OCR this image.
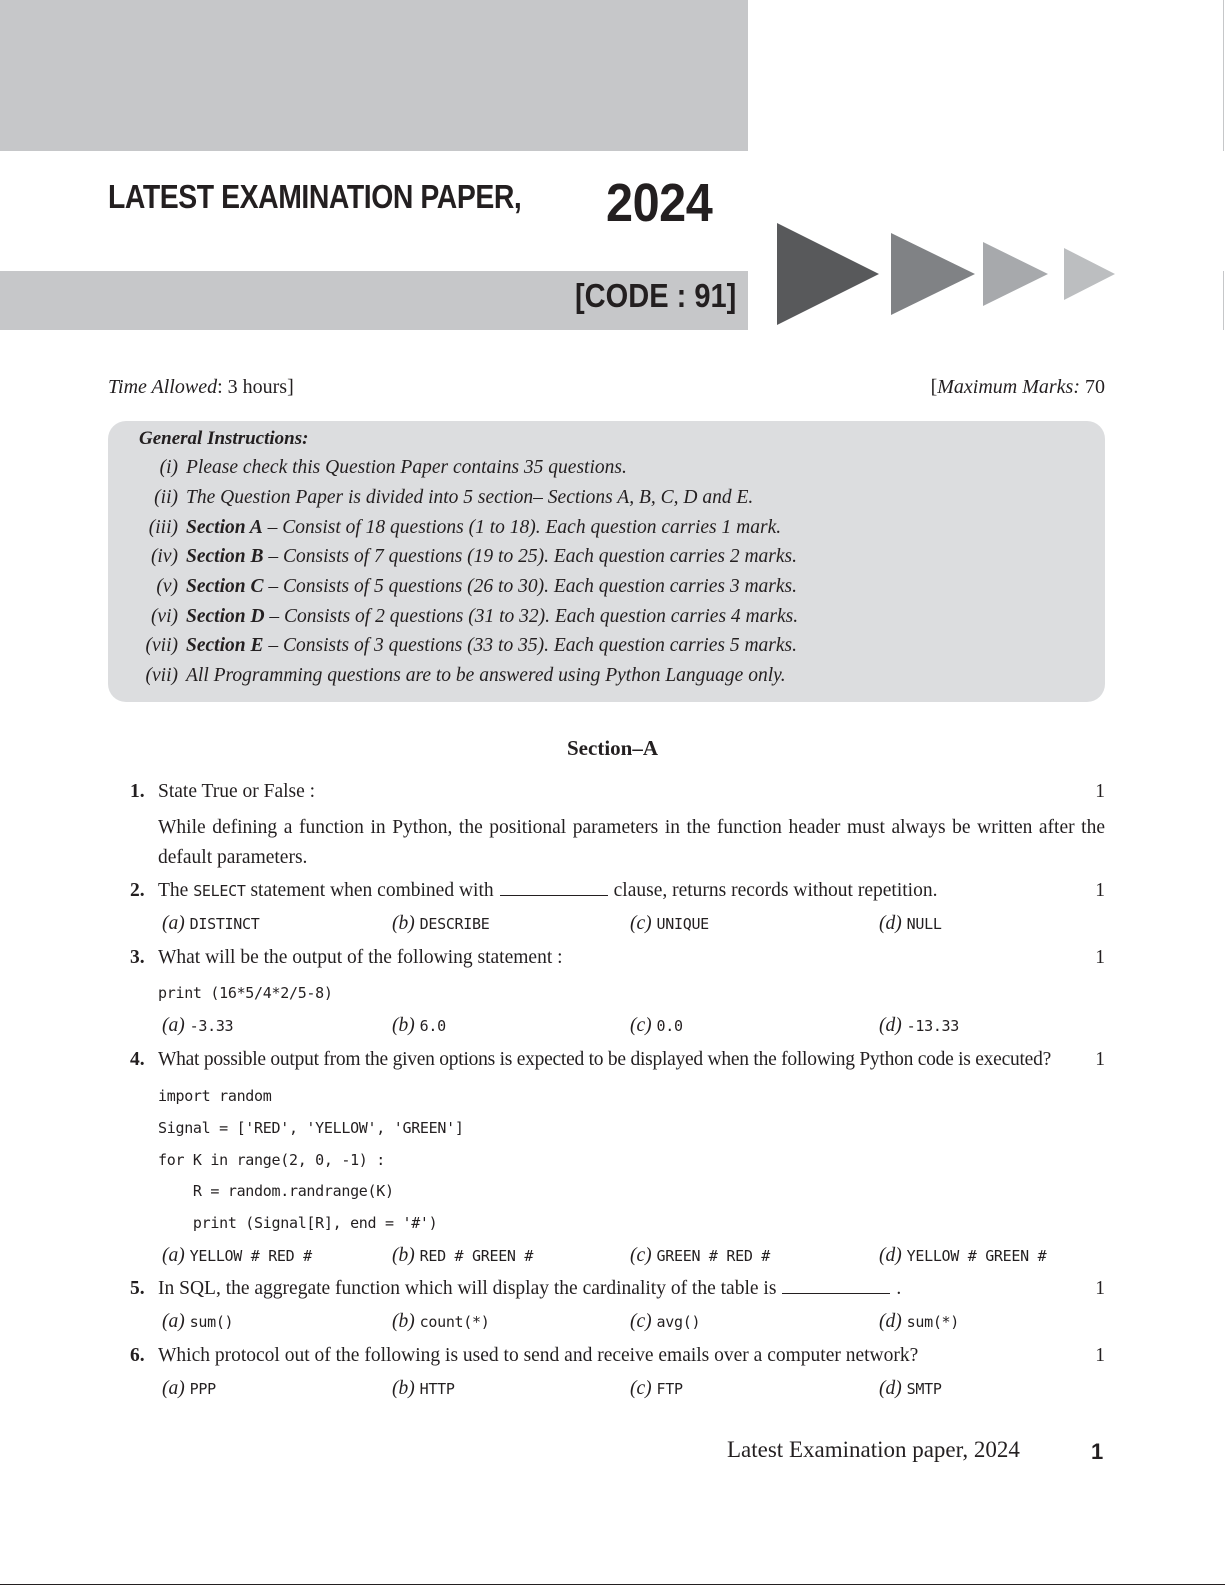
LATEST EXAMINATION PAPER, 2024
[CODE : 91]
Time Allowed: 3 hours]	[Maximum Marks: 70
General Instructions:
(i) Please check this Question Paper contains 35 questions.
(ii) The Question Paper is divided into 5 section– Sections A, B, C, D and E.
(iii) Section A – Consist of 18 questions (1 to 18). Each question carries 1 mark.
(iv) Section B – Consists of 7 questions (19 to 25). Each question carries 2 marks.
(v) Section C – Consists of 5 questions (26 to 30). Each question carries 3 marks.
(vi) Section D – Consists of 2 questions (31 to 32). Each question carries 4 marks.
(vii) Section E – Consists of 3 questions (33 to 35). Each question carries 5 marks.
(vii) All Programming questions are to be answered using Python Language only.
Section–A
1. State True or False :	1
While defining a function in Python, the positional parameters in the function header must always be written after the default parameters.
2. The SELECT statement when combined with	clause, returns records without repetition.	1
(a) DISTINCT	(b) DESCRIBE	(c) UNIQUE	(d) NULL
3. What will be the output of the following statement :	1
print (16*5/4*2/5-8)
(a) -3.33	(b) 6.0	(c) 0.0	(d) -13.33
4. What possible output from the given options is expected to be displayed when the following Python code is executed? 1
import random
Signal = ['RED', 'YELLOW', 'GREEN']
for K in range(2, 0, -1) :
R = random.randrange(K)
print (Signal[R], end = '#')
(a) YELLOW # RED #	(b) RED # GREEN #	(c) GREEN # RED #	(d) YELLOW # GREEN #
5. In SQL, the aggregate function which will display the cardinality of the table is	.	1
(a) sum()	(b) count(*)	(c) avg()	(d) sum(*)
6. Which protocol out of the following is used to send and receive emails over a computer network?	1
(a) PPP	(b) HTTP	(c) FTP	(d) SMTP
Latest Examination paper, 2024	1
